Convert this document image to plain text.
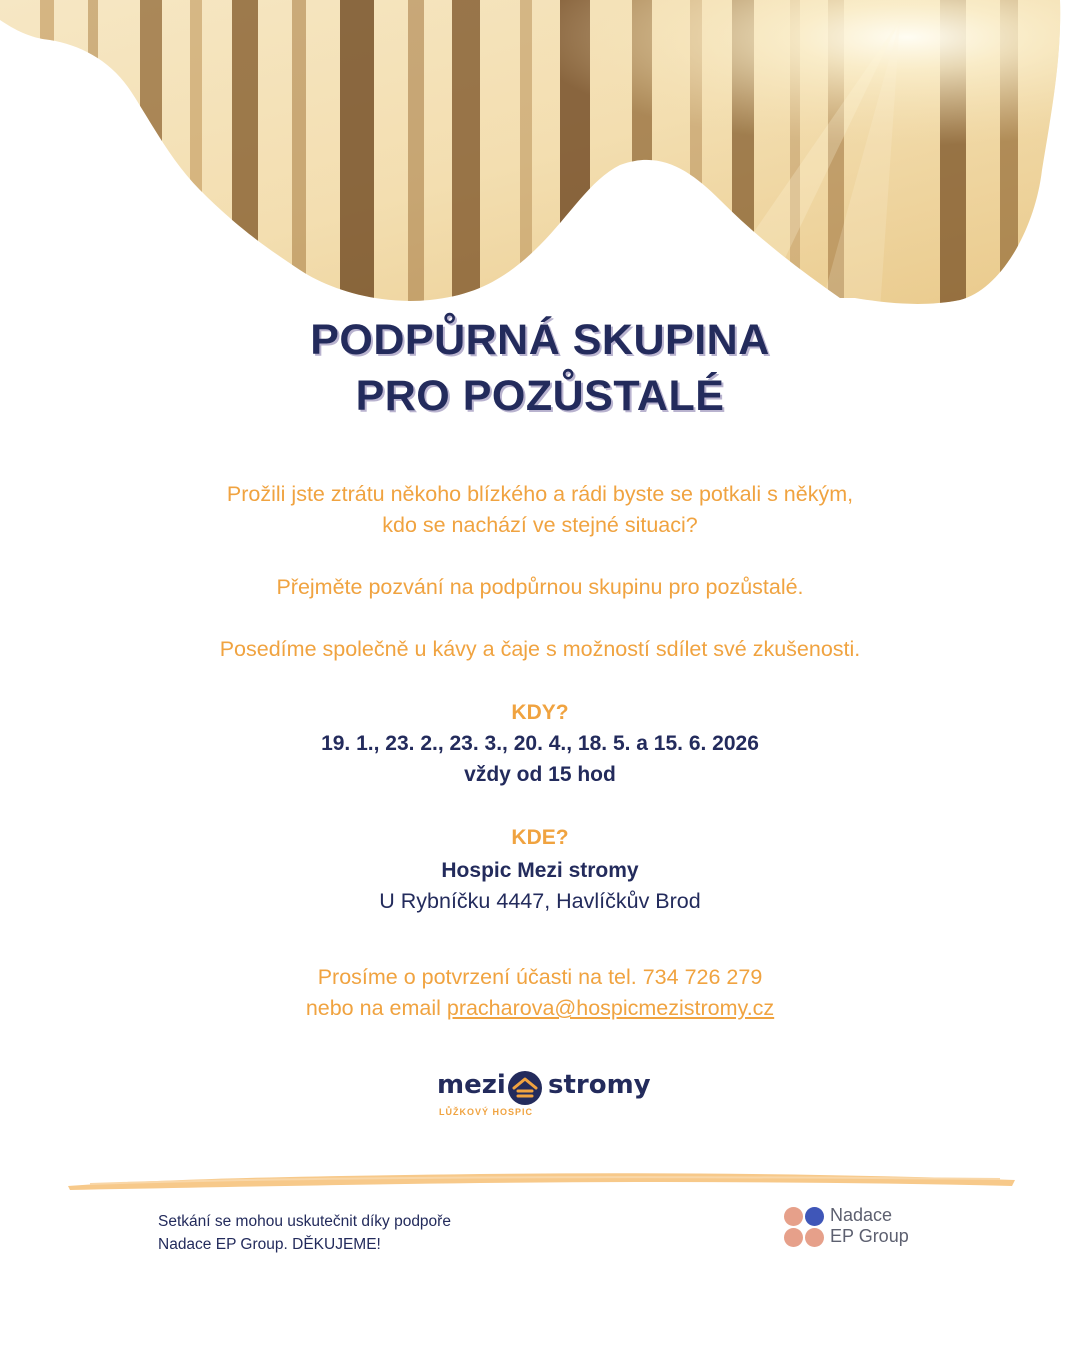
PODPŮRNÁ SKUPINA
PRO POZŮSTALÉ
Prožili jste ztrátu někoho blízkého a rádi byste se potkali s někým,
kdo se nachází ve stejné situaci?
Přejměte pozvání na podpůrnou skupinu pro pozůstalé.
Posedíme společně u kávy a čaje s možností sdílet své zkušenosti.
KDY?
19. 1., 23. 2., 23. 3., 20. 4., 18. 5. a 15. 6. 2026
vždy od 15 hod
KDE?
Hospic Mezi stromy
U Rybníčku 4447, Havlíčkův Brod
Prosíme o potvrzení účasti na tel. 734 726 279
nebo na email pracharova@hospicmezistromy.cz
mezi stromy
LŮŽKOVÝ HOSPIC
Setkání se mohou uskutečnit díky podpoře
Nadace EP Group. DĚKUJEME!
Nadace
EP Group
